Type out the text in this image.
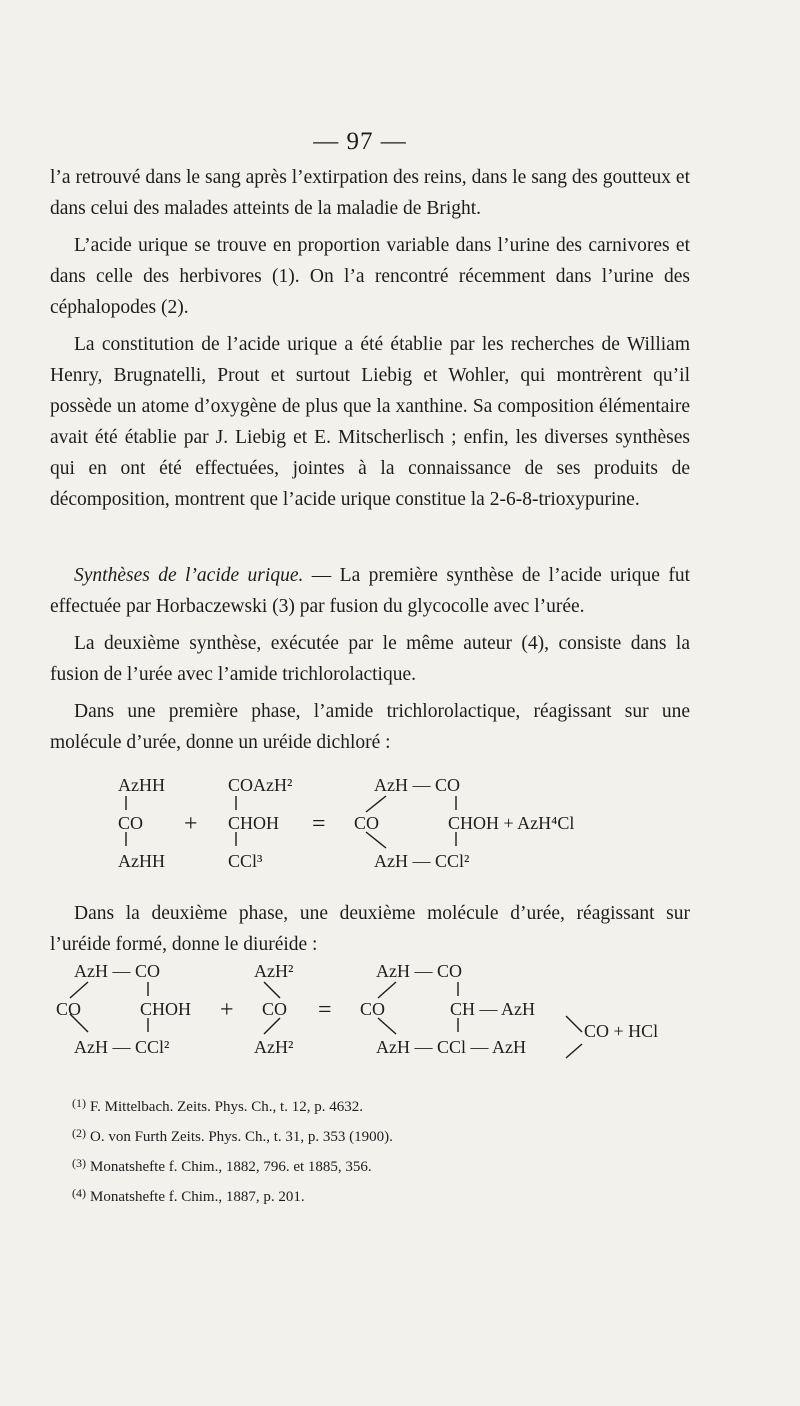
— 97 —

l’a retrouvé dans le sang après l’extirpation des reins, dans le sang des goutteux et dans celui des malades atteints de la maladie de Bright.

L’acide urique se trouve en proportion variable dans l’urine des carnivores et dans celle des herbivores (1). On l’a rencontré récemment dans l’urine des céphalopodes (2).

La constitution de l’acide urique a été établie par les recherches de William Henry, Brugnatelli, Prout et surtout Liebig et Wohler, qui montrèrent qu’il possède un atome d’oxygène de plus que la xanthine. Sa composition élémentaire avait été établie par J. Liebig et E. Mitscherlisch ; enfin, les diverses synthèses qui en ont été effectuées, jointes à la connaissance de ses produits de décomposition, montrent que l’acide urique constitue la 2-6-8-trioxypurine.

Synthèses de l’acide urique. — La première synthèse de l’acide urique fut effectuée par Horbaczewski (3) par fusion du glycocolle avec l’urée.

La deuxième synthèse, exécutée par le même auteur (4), consiste dans la fusion de l’urée avec l’amide trichlorolactique.

Dans une première phase, l’amide trichlorolactique, réagissant sur une molécule d’urée, donne un uréide dichloré :

AzHH
CO
AzHH
+
COAzH²
CHOH
CCl³
=
AzH — CO
CO
AzH — CCl²
CHOH + AzH⁴Cl

Dans la deuxième phase, une deuxième molécule d’urée, réagissant sur l’uréide formé, donne le diuréide :

AzH — CO
CO	CHOH
AzH — CCl²
+
AzH²
CO
AzH²
=
AzH — CO
CO	CH — AzH
AzH — CCl — AzH
CO + HCl
$^{(1)}$ F. Mittelbach. Zeits. Phys. Ch., t. 12, p. 4632.
$^{(2)}$ O. von Furth Zeits. Phys. Ch., t. 31, p. 353 (1900).
$^{(3)}$ Monatshefte f. Chim., 1882, 796. et 1885, 356.
$^{(4)}$ Monatshefte f. Chim., 1887, p. 201.
